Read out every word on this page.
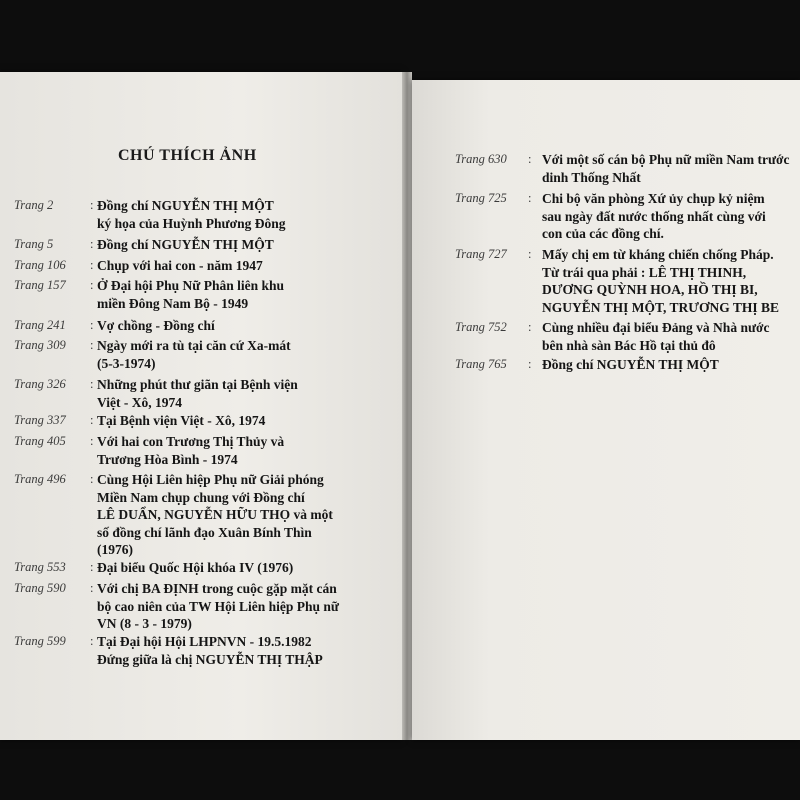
CHÚ THÍCH ẢNH
Trang 2	: Đồng chí NGUYỄN THỊ MỘT
ký họa của Huỳnh Phương Đông
Trang 5	: Đồng chí NGUYỄN THỊ MỘT
Trang 106 : Chụp với hai con - năm 1947
Trang 157 : Ở Đại hội Phụ Nữ Phân liên khu
miền Đông Nam Bộ - 1949
Trang 241 : Vợ chồng - Đồng chí
Trang 309 : Ngày mới ra tù tại căn cứ Xa-mát
(5-3-1974)
Trang 326 : Những phút thư giãn tại Bệnh viện
Việt - Xô, 1974
Trang 337 : Tại Bệnh viện Việt - Xô, 1974
Trang 405 : Với hai con Trương Thị Thủy và
Trương Hòa Bình - 1974
Trang 496 : Cùng Hội Liên hiệp Phụ nữ Giải phóng
Miền Nam chụp chung với Đồng chí
LÊ DUẨN, NGUYỄN HỮU THỌ và một
số đồng chí lãnh đạo Xuân Bính Thìn
(1976)
Trang 553 : Đại biểu Quốc Hội khóa IV (1976)
Trang 590 : Với chị BA ĐỊNH trong cuộc gặp mặt cán
bộ cao niên của TW Hội Liên hiệp Phụ nữ
VN (8 - 3 - 1979)
Trang 599 : Tại Đại hội Hội LHPNVN - 19.5.1982
Đứng giữa là chị NGUYỄN THỊ THẬP
Trang 630 : Với một số cán bộ Phụ nữ miền Nam trước
dinh Thống Nhất
Trang 725 : Chi bộ văn phòng Xứ ủy chụp kỷ niệm
sau ngày đất nước thống nhất cùng với
con của các đồng chí.
Trang 727 : Mấy chị em từ kháng chiến chống Pháp.
Từ trái qua phải : LÊ THỊ THINH,
DƯƠNG QUỲNH HOA, HỒ THỊ BI,
NGUYỄN THỊ MỘT, TRƯƠNG THỊ BE
Trang 752 : Cùng nhiều đại biểu Đảng và Nhà nước
bên nhà sàn Bác Hồ tại thủ đô
Trang 765 : Đồng chí NGUYỄN THỊ MỘT
